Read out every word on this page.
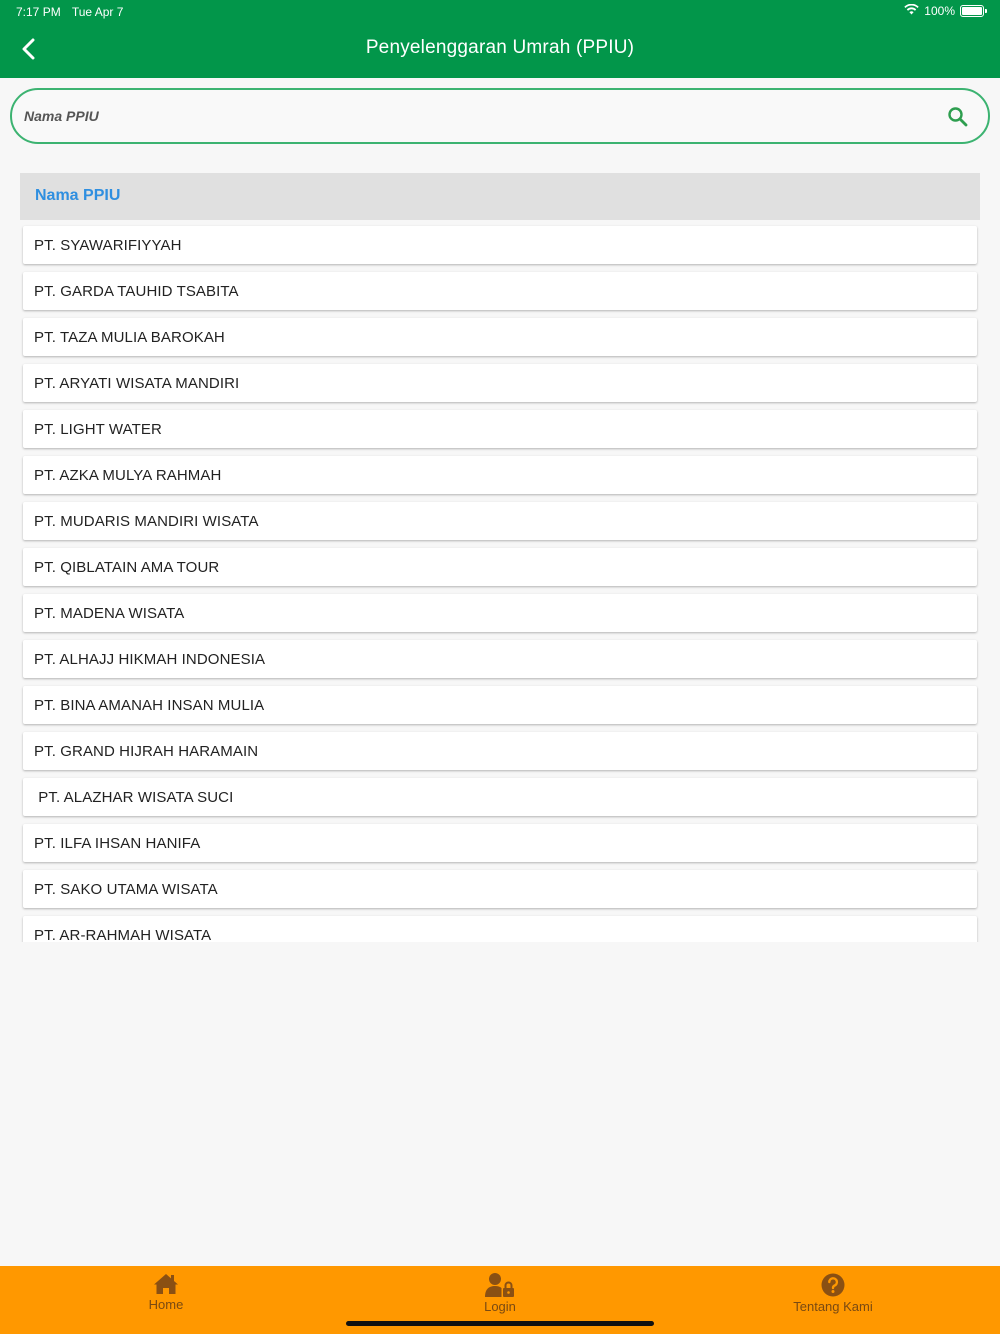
7:17 PM Tue Apr 7	100%
Penyelenggaran Umrah (PPIU)
Nama PPIU
Nama PPIU
PT. SYAWARIFIYYAH
PT. GARDA TAUHID TSABITA
PT. TAZA MULIA BAROKAH
PT. ARYATI WISATA MANDIRI
PT. LIGHT WATER
PT. AZKA MULYA RAHMAH
PT. MUDARIS MANDIRI WISATA
PT. QIBLATAIN AMA TOUR
PT. MADENA WISATA
PT. ALHAJJ HIKMAH INDONESIA
PT. BINA AMANAH INSAN MULIA
PT. GRAND HIJRAH HARAMAIN
PT. ALAZHAR WISATA SUCI
PT. ILFA IHSAN HANIFA
PT. SAKO UTAMA WISATA
PT. AR-RAHMAH WISATA
Home	Login	Tentang Kami
